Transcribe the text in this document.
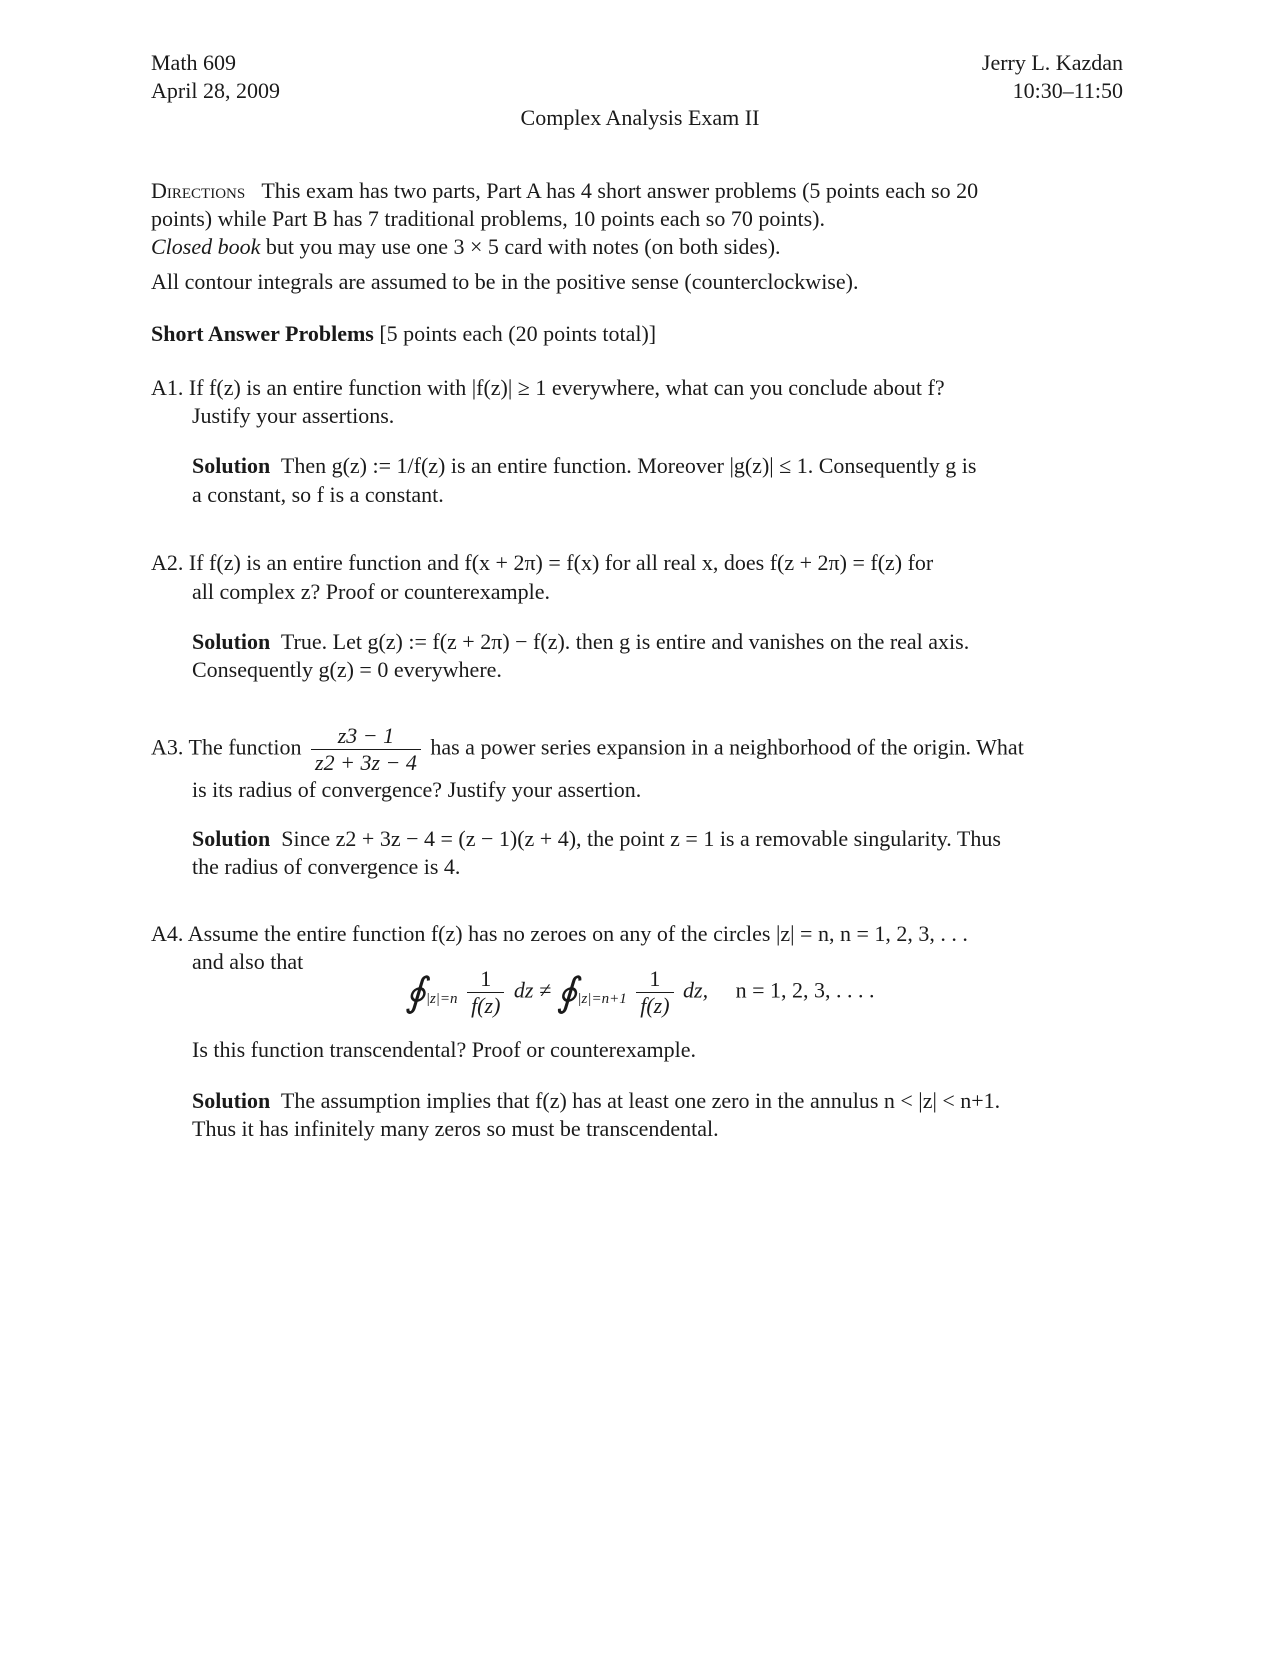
Math 609
April 28, 2009
Jerry L. Kazdan
10:30–11:50
Complex Analysis Exam II
Directions This exam has two parts, Part A has 4 short answer problems (5 points each so 20
points) while Part B has 7 traditional problems, 10 points each so 70 points).
Closed book but you may use one 3 × 5 card with notes (on both sides).
All contour integrals are assumed to be in the positive sense (counterclockwise).
Short Answer Problems [5 points each (20 points total)]
A1. If f(z) is an entire function with |f(z)| ≥ 1 everywhere, what can you conclude about f?
Justify your assertions.
Solution Then g(z) := 1/f(z) is an entire function. Moreover |g(z)| ≤ 1. Consequently g is
a constant, so f is a constant.
A2. If f(z) is an entire function and f(x + 2π) = f(x) for all real x, does f(z + 2π) = f(z) for
all complex z? Proof or counterexample.
Solution True. Let g(z) := f(z + 2π) − f(z). then g is entire and vanishes on the real axis.
Consequently g(z) = 0 everywhere.
A3. The function $\frac{z3 - 1}{z2 + 3z - 4}$ has a power series expansion in a neighborhood of the origin. What
is its radius of convergence? Justify your assertion.
Solution Since z2 + 3z − 4 = (z − 1)(z + 4), the point z = 1 is a removable singularity. Thus
the radius of convergence is 4.
A4. Assume the entire function f(z) has no zeroes on any of the circles |z| = n, n = 1, 2, 3, . . .
and also that
$∮_{|z|=n} \frac{1}{f(z)}$ dz ≠ $∮_{|z|=n+1} \frac{1}{f(z)}$ dz, n = 1, 2, 3, . . . .
Is this function transcendental? Proof or counterexample.
Solution The assumption implies that f(z) has at least one zero in the annulus n < |z| < n+1.
Thus it has infinitely many zeros so must be transcendental.
